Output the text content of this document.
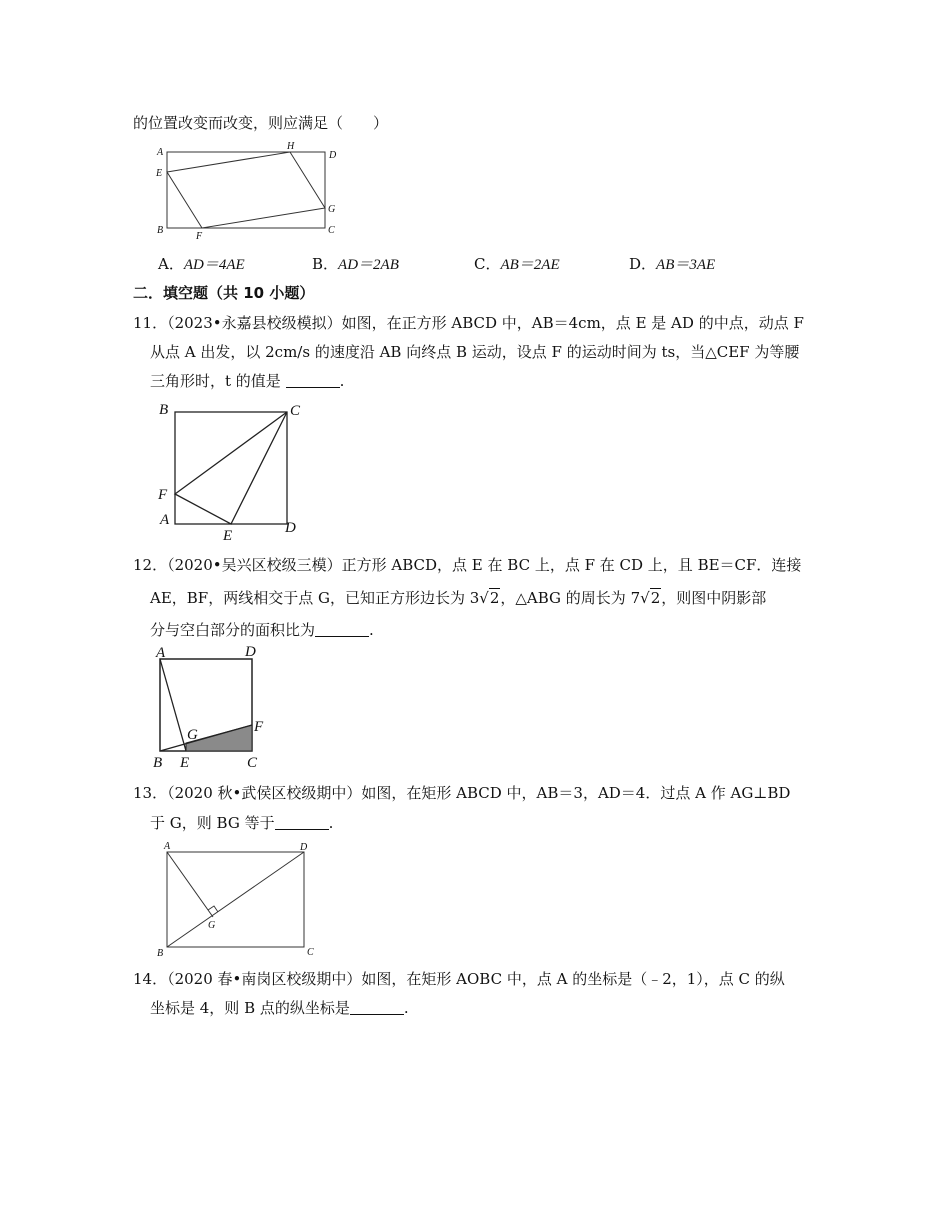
的位置改变而改变，则应满足（　　）
A
H
D
E
G
B
F
C
A．AD＝4AE	B．AD＝2AB	C．AB＝2AE	D．AB＝3AE
二．填空题（共 10 小题）
11．（2023•永嘉县校级模拟）如图，在正方形 ABCD 中，AB＝4cm，点 E 是 AD 的中点，动点 F
从点 A 出发，以 2cm/s 的速度沿 AB 向终点 B 运动，设点 F 的运动时间为 ts，当△CEF 为等腰
三角形时，t 的值是	.
B	C
F
A
E	D
12．（2020•吴兴区校级三模）正方形 ABCD，点 E 在 BC 上，点 F 在 CD 上，且 BE＝CF．连接
AE，BF，两线相交于点 G，已知正方形边长为 3√2，△ABG 的周长为 7√2，则图中阴影部
分与空白部分的面积比为	.
A	D
G	F
B E	C
13．（2020 秋•武侯区校级期中）如图，在矩形 ABCD 中，AB＝3，AD＝4．过点 A 作 AG⊥BD
于 G，则 BG 等于	.
A	D
G
B	C
14．（2020 春•南岗区校级期中）如图，在矩形 AOBC 中，点 A 的坐标是（﹣2，1），点 C 的纵
坐标是 4，则 B 点的纵坐标是	.
